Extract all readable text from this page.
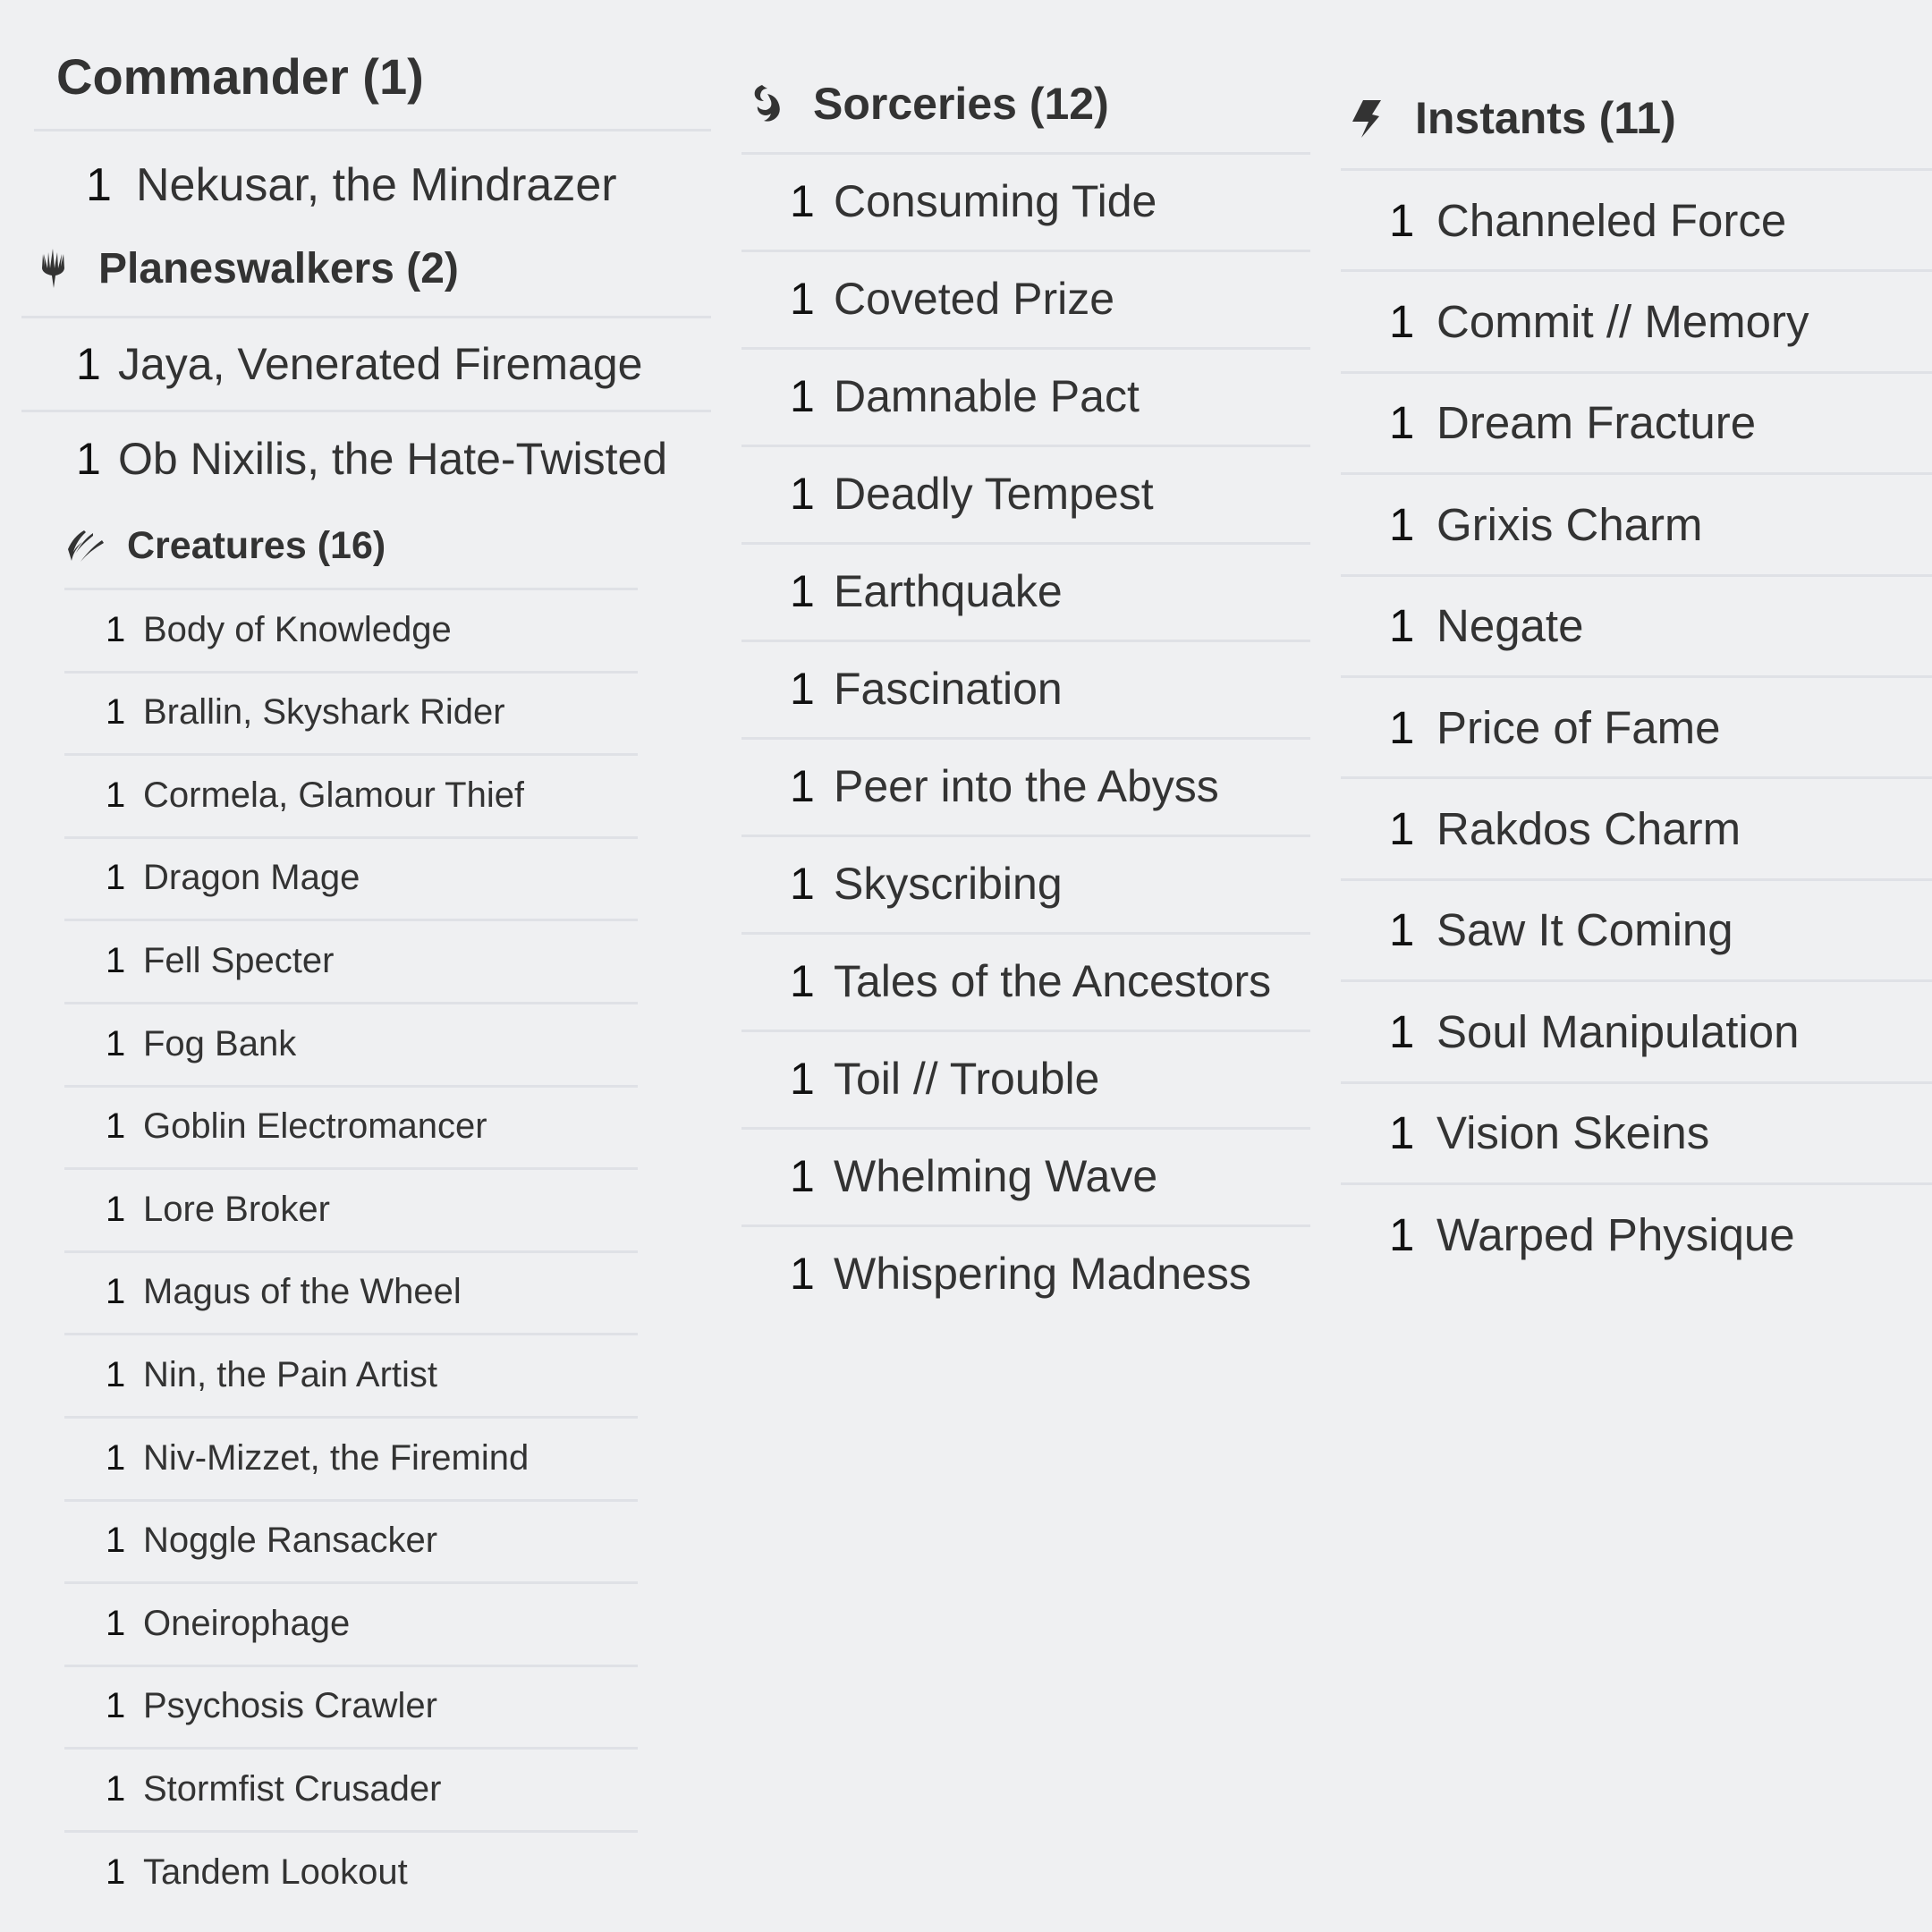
Commander (1)
1 Nekusar, the Mindrazer
Planeswalkers (2)
1 Jaya, Venerated Firemage
1 Ob Nixilis, the Hate-Twisted
Creatures (16)
1 Body of Knowledge
1 Brallin, Skyshark Rider
1 Cormela, Glamour Thief
1 Dragon Mage
1 Fell Specter
1 Fog Bank
1 Goblin Electromancer
1 Lore Broker
1 Magus of the Wheel
1 Nin, the Pain Artist
1 Niv-Mizzet, the Firemind
1 Noggle Ransacker
1 Oneirophage
1 Psychosis Crawler
1 Stormfist Crusader
1 Tandem Lookout
Sorceries (12)
1 Consuming Tide
1 Coveted Prize
1 Damnable Pact
1 Deadly Tempest
1 Earthquake
1 Fascination
1 Peer into the Abyss
1 Skyscribing
1 Tales of the Ancestors
1 Toil // Trouble
1 Whelming Wave
1 Whispering Madness
Instants (11)
1 Channeled Force
1 Commit // Memory
1 Dream Fracture
1 Grixis Charm
1 Negate
1 Price of Fame
1 Rakdos Charm
1 Saw It Coming
1 Soul Manipulation
1 Vision Skeins
1 Warped Physique
